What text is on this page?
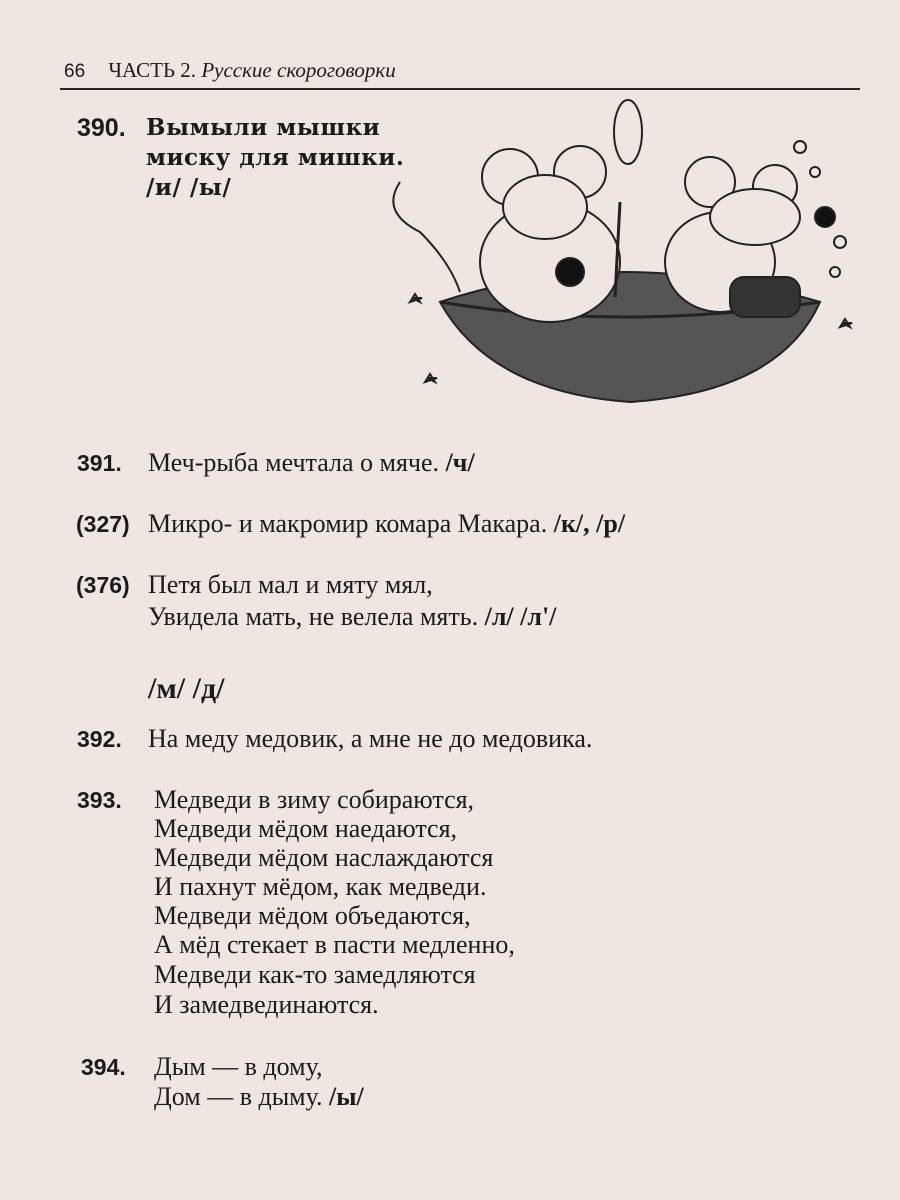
66 ЧАСТЬ 2. Русские скороговорки
390. Вымыли мышки
миску для мишки.
/и/ /ы/
391. Меч-рыба мечтала о мяче. /ч/
(327) Микро- и макромир комара Макара. /к/, /р/
(376) Петя был мал и мяту мял,
Увидела мать, не велела мять. /л/ /л'/
/м/ /д/
392. На меду медовик, а мне не до медовика.
393. Медведи в зиму собираются,
Медведи мёдом наедаются,
Медведи мёдом наслаждаются
И пахнут мёдом, как медведи.
Медведи мёдом объедаются,
А мёд стекает в пасти медленно,
Медведи как-то замедляются
И замедвединаются.
394. Дым — в дому,
Дом — в дыму. /ы/
